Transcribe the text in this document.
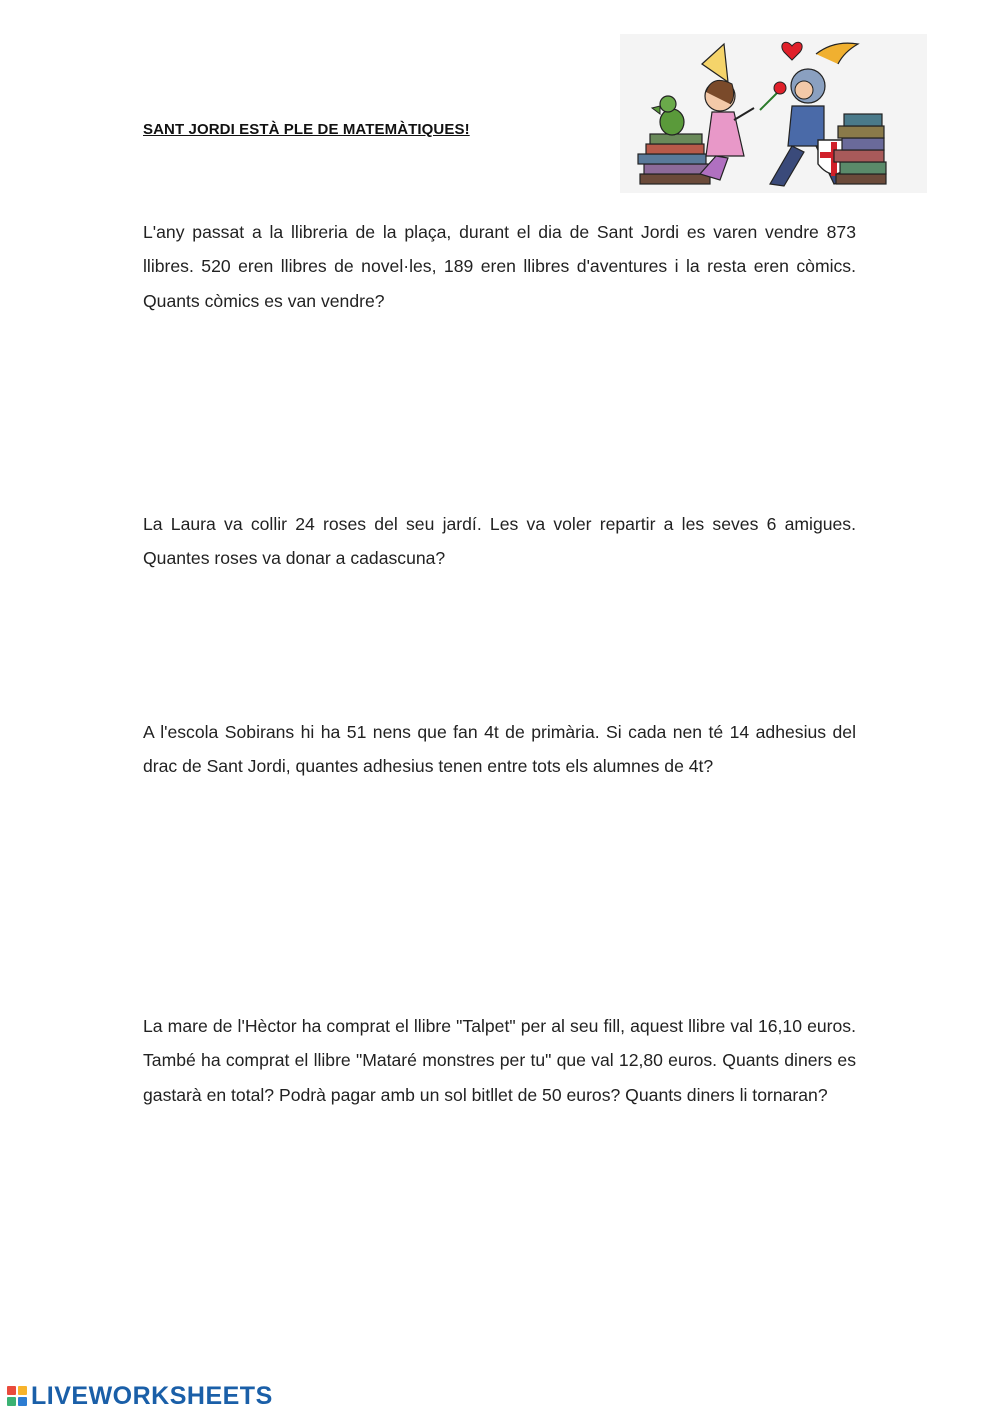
SANT JORDI ESTÀ PLE DE MATEMÀTIQUES!

L'any passat a la llibreria de la plaça, durant el dia de Sant Jordi es varen vendre 873 llibres. 520 eren llibres de novel·les, 189 eren llibres d'aventures i la resta eren còmics. Quants còmics es van vendre?

La Laura va collir 24 roses del seu jardí. Les va voler repartir a les seves 6 amigues. Quantes roses va donar a cadascuna?

A l'escola Sobirans hi ha 51 nens que fan 4t de primària. Si cada nen té 14 adhesius del drac de Sant Jordi, quantes adhesius tenen entre tots els alumnes de 4t?

La mare de l'Hèctor ha comprat el llibre "Talpet" per al seu fill, aquest llibre val 16,10 euros. També ha comprat el llibre "Mataré monstres per tu" que val 12,80 euros. Quants diners es gastarà en total? Podrà pagar amb un sol bitllet de 50 euros? Quants diners li tornaran?

LIVEWORKSHEETS
